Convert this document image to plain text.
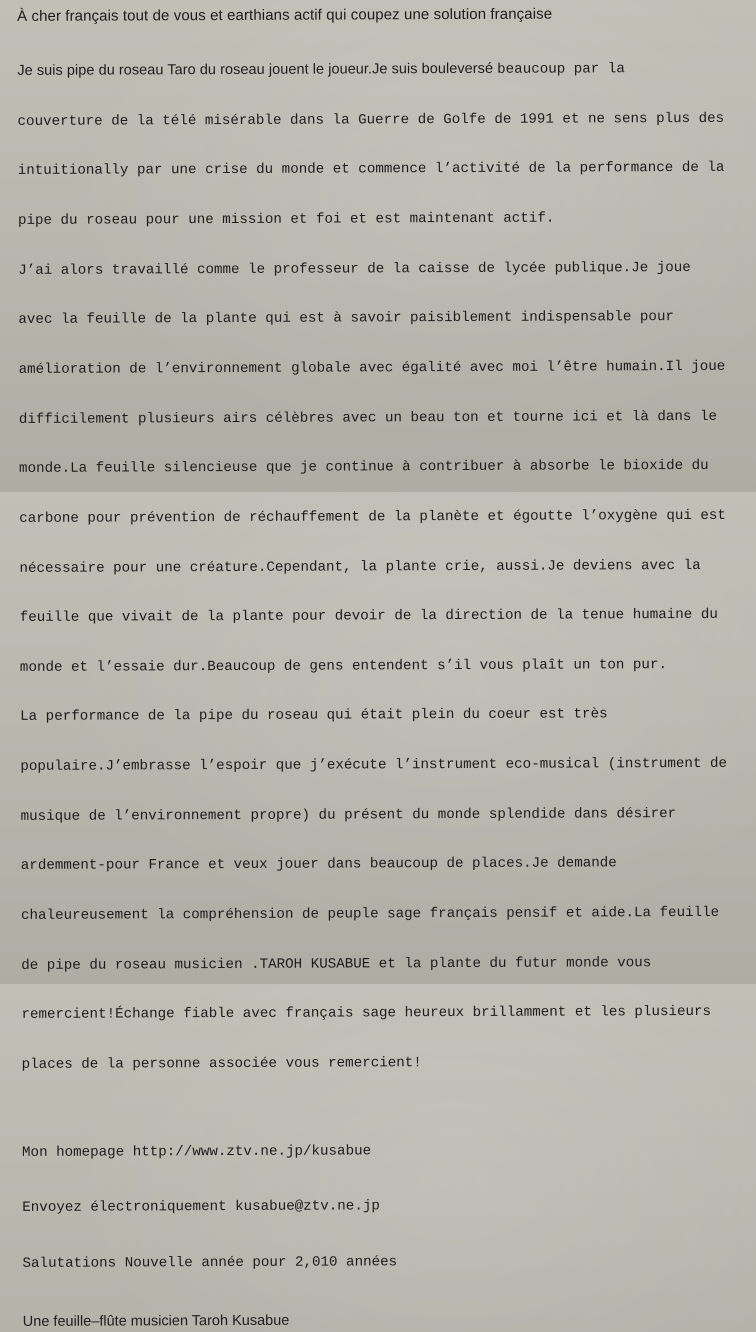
À cher français tout de vous et earthians actif qui coupez une solution française

Je suis pipe du roseau Taro du roseau jouent le joueur.Je suis bouleversé beaucoup par la

couverture de la télé misérable dans la Guerre de Golfe de 1991 et ne sens plus des

intuitionally par une crise du monde et commence l’activité de la performance de la

pipe du roseau pour une mission et foi et est maintenant actif.

J’ai alors travaillé comme le professeur de la caisse de lycée publique.Je joue

avec la feuille de la plante qui est à savoir paisiblement indispensable pour

amélioration de l’environnement globale avec égalité avec moi l’être humain.Il joue

difficilement plusieurs airs célèbres avec un beau ton et tourne ici et là dans le

monde.La feuille silencieuse que je continue à contribuer à absorbe le bioxide du

carbone pour prévention de réchauffement de la planète et égoutte l’oxygène qui est

nécessaire pour une créature.Cependant, la plante crie, aussi.Je deviens avec la

feuille que vivait de la plante pour devoir de la direction de la tenue humaine du

monde et l’essaie dur.Beaucoup de gens entendent s’il vous plaît un ton pur.

La performance de la pipe du roseau qui était plein du coeur est très

populaire.J’embrasse l’espoir que j’exécute l’instrument eco-musical (instrument de

musique de l’environnement propre) du présent du monde splendide dans désirer

ardemment-pour France et veux jouer dans beaucoup de places.Je demande

chaleureusement la compréhension de peuple sage français pensif et aide.La feuille

de pipe du roseau musicien .TAROH KUSABUE et la plante du futur monde vous

remercient!Échange fiable avec français sage heureux brillamment et les plusieurs

places de la personne associée vous remercient!

Mon homepage http://www.ztv.ne.jp/kusabue

Envoyez électroniquement kusabue@ztv.ne.jp

Salutations Nouvelle année pour 2,010 années

Une feuille–flûte musicien Taroh Kusabue
